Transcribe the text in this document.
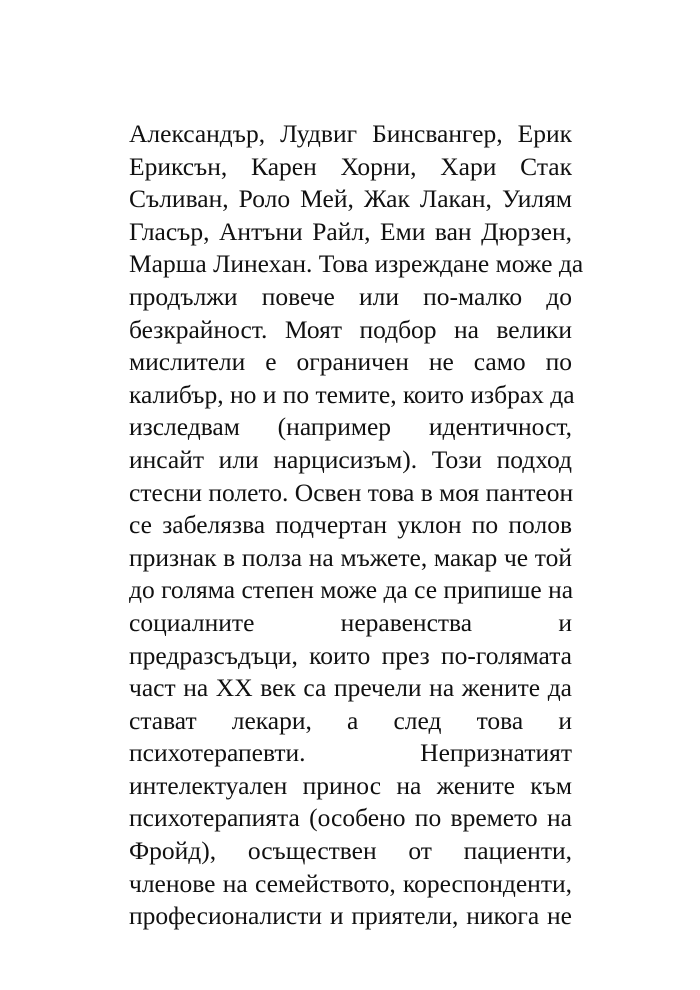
Александър, Лудвиг Бинсвангер, Ерик
Ериксън, Карен Хорни, Хари Стак
Съливан, Роло Мей, Жак Лакан, Уилям
Гласър, Антъни Райл, Еми ван Дюрзен,
Марша Линехан. Това изреждане може да
продължи повече или по-малко до
безкрайност. Моят подбор на велики
мислители е ограничен не само по
калибър, но и по темите, които избрах да
изследвам (например идентичност,
инсайт или нарцисизъм). Този подход
стесни полето. Освен това в моя пантеон
се забелязва подчертан уклон по полов
признак в полза на мъжете, макар че той
до голяма степен може да се припише на
социалните неравенства и
предразсъдъци, които през по-голямата
част на XX век са пречели на жените да
стават лекари, а след това и
психотерапевти. Непризнатият
интелектуален принос на жените към
психотерапията (особено по времето на
Фройд), осъществен от пациенти,
членове на семейството, кореспонденти,
професионалисти и приятели, никога не
